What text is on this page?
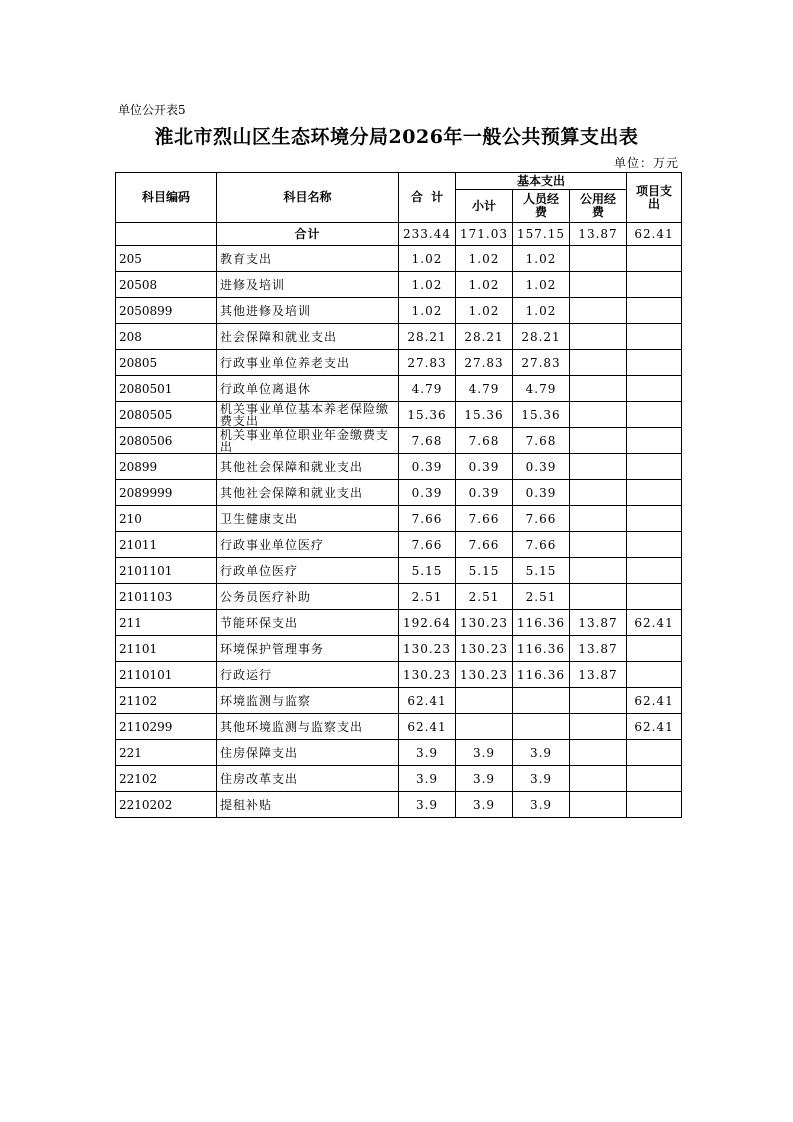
单位公开表5
淮北市烈山区生态环境分局2026年一般公共预算支出表
单位：万元
科目编码	科目名称	合  计	基本支出			项目支出
			小计	人员经费	公用经费	
	合计	233.44	171.03	157.15	13.87	62.41
205	教育支出	1.02	1.02	1.02		
20508	进修及培训	1.02	1.02	1.02		
2050899	其他进修及培训	1.02	1.02	1.02		
208	社会保障和就业支出	28.21	28.21	28.21		
20805	行政事业单位养老支出	27.83	27.83	27.83		
2080501	行政单位离退休	4.79	4.79	4.79		
2080505	机关事业单位基本养老保险缴费支出	15.36	15.36	15.36		
2080506	机关事业单位职业年金缴费支出	7.68	7.68	7.68		
20899	其他社会保障和就业支出	0.39	0.39	0.39		
2089999	其他社会保障和就业支出	0.39	0.39	0.39		
210	卫生健康支出	7.66	7.66	7.66		
21011	行政事业单位医疗	7.66	7.66	7.66		
2101101	行政单位医疗	5.15	5.15	5.15		
2101103	公务员医疗补助	2.51	2.51	2.51		
211	节能环保支出	192.64	130.23	116.36	13.87	62.41
21101	环境保护管理事务	130.23	130.23	116.36	13.87	
2110101	行政运行	130.23	130.23	116.36	13.87	
21102	环境监测与监察	62.41				62.41
2110299	其他环境监测与监察支出	62.41				62.41
221	住房保障支出	3.9	3.9	3.9		
22102	住房改革支出	3.9	3.9	3.9		
2210202	提租补贴	3.9	3.9	3.9		
